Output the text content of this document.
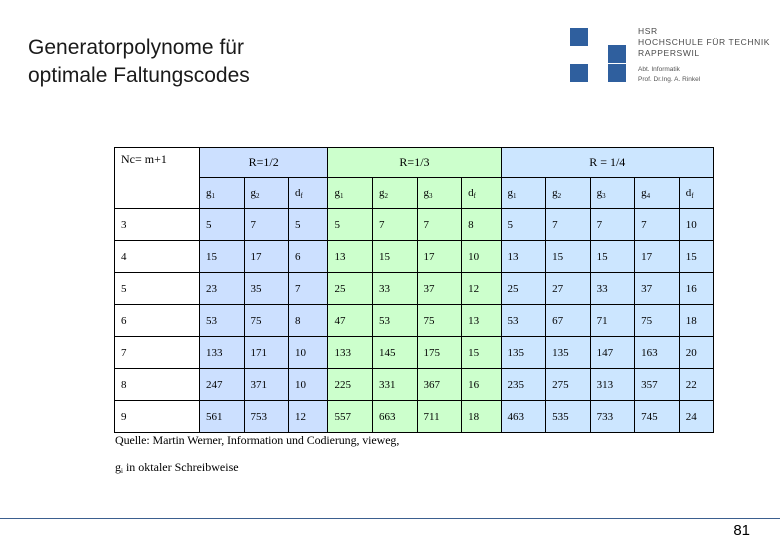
Generatorpolynome für
optimale Faltungscodes
HSR
HOCHSCHULE FÜR TECHNIK
RAPPERSWIL
Abt. Informatik
Prof. Dr.Ing. A. Rinkel
Nc= m+1	R=1/2			R=1/3				R = 1/4				
	$g_1$	$g_2$	$d_f$	$g_1$	$g_2$	$g_3$	$d_f$	$g_1$	$g_2$	$g_3$	$g_4$	$d_f$
3	5	7	5	5	7	7	8	5	7	7	7	10
4	15	17	6	13	15	17	10	13	15	15	17	15
5	23	35	7	25	33	37	12	25	27	33	37	16
6	53	75	8	47	53	75	13	53	67	71	75	18
7	133	171	10	133	145	175	15	135	135	147	163	20
8	247	371	10	225	331	367	16	235	275	313	357	22
9	561	753	12	557	663	711	18	463	535	733	745	24
Quelle: Martin Werner, Information und Codierung, vieweg,
$g_i$ in oktaler Schreibweise
81
